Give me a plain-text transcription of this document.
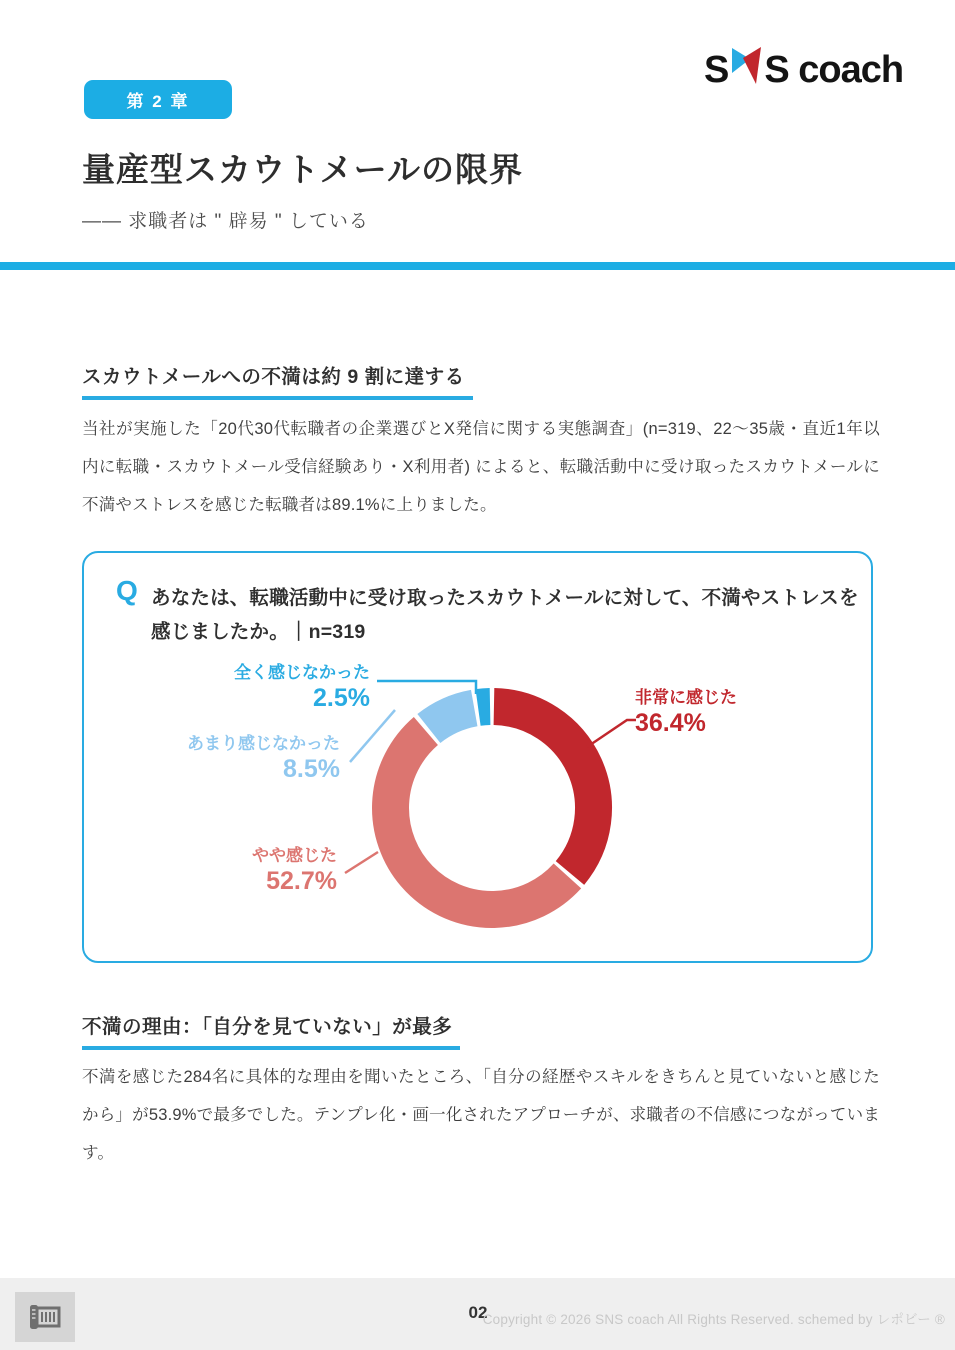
S S coach
第 2 章
量産型スカウトメールの限界
—— 求職者は " 辟易 " している
スカウトメールへの不満は約 9 割に達する

当社が実施した「20代30代転職者の企業選びとX発信に関する実態調査」(n=319、22〜35歳・直近1年以内に転職・スカウトメール受信経験あり・X利用者) によると、転職活動中に受け取ったスカウトメールに不満やストレスを感じた転職者は89.1%に上りました。

Q あなたは、転職活動中に受け取ったスカウトメールに対して、不満やストレスを
感じましたか。｜n=319
全く感じなかった
2.5%
あまり感じなかった
8.5%
やや感じた
52.7%
非常に感じた
36.4%
不満の理由：「自分を見ていない」が最多

不満を感じた284名に具体的な理由を聞いたところ、「自分の経歴やスキルをきちんと見ていないと感じたから」が53.9%で最多でした。テンプレ化・画一化されたアプローチが、求職者の不信感につながっています。

02
Copyright © 2026 SNS coach All Rights Reserved. schemed by レポビー ®
